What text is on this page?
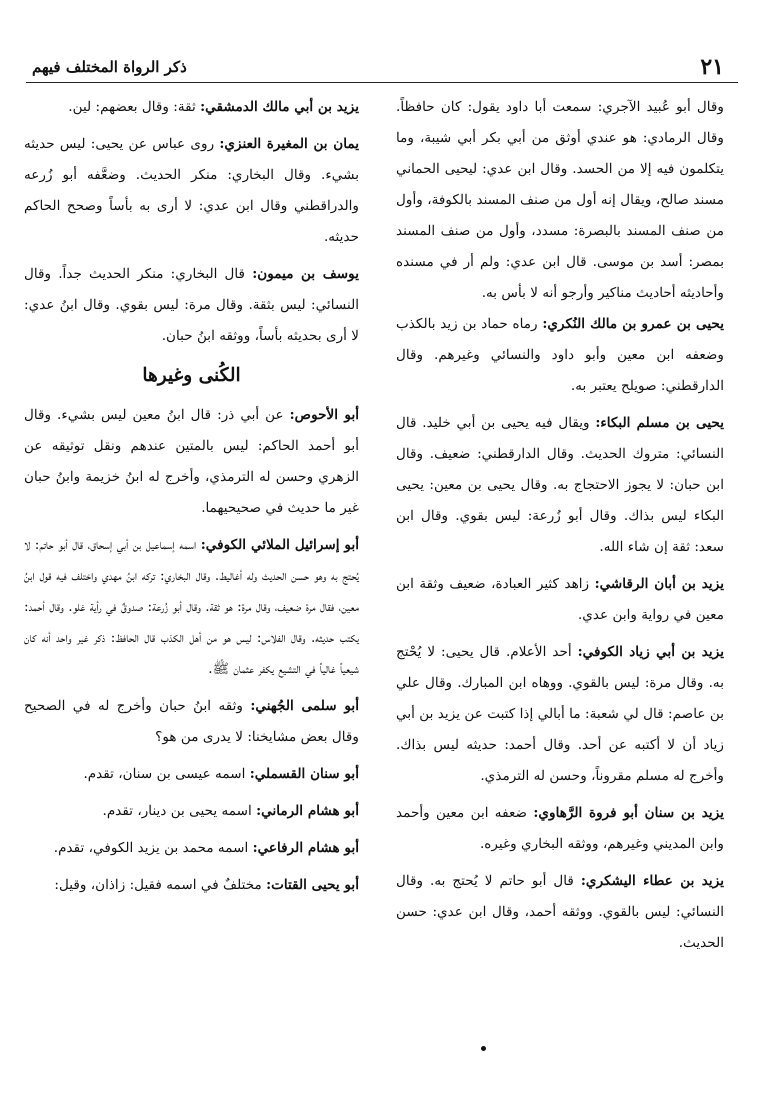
٢١
ذكر الرواة المختلف فيهم

وقال أبو عُبيد الآجري: سمعت أبا داود يقول: كان حافظاً. وقال الرمادي: هو عندي أوثق من أبي بكر أبي شيبة، وما يتكلمون فيه إلا من الحسد. وقال ابن عدي: ليحيى الحماني مسند صالح، ويقال إنه أول من صنف المسند بالكوفة، وأول من صنف المسند بالبصرة: مسدد، وأول من صنف المسند بمصر: أسد بن موسى. قال ابن عدي: ولم أر في مسنده وأحاديثه أحاديث مناكير وأرجو أنه لا بأس به.

يحيى بن عمرو بن مالك النُكري: رماه حماد بن زيد بالكذب وضعفه ابن معين وأبو داود والنسائي وغيرهم. وقال الدارقطني: صويلح يعتبر به.

يحيى بن مسلم البكاء: ويقال فيه يحيى بن أبي خليد. قال النسائي: متروك الحديث. وقال الدارقطني: ضعيف. وقال ابن حبان: لا يجوز الاحتجاج به. وقال يحيى بن معين: يحيى البكاء ليس بذاك. وقال أبو زُرعة: ليس بقوي. وقال ابن سعد: ثقة إن شاء الله.

يزيد بن أبان الرقاشي: زاهد كثير العبادة، ضعيف وثقة ابن معين في رواية وابن عدي.

يزيد بن أبي زياد الكوفي: أحد الأعلام. قال يحيى: لا يُحْتج به. وقال مرة: ليس بالقوي. ووهاه ابن المبارك. وقال علي بن عاصم: قال لي شعبة: ما أبالي إذا كتبت عن يزيد بن أبي زياد أن لا أكتبه عن أحد. وقال أحمد: حديثه ليس بذاك. وأخرج له مسلم مقروناً، وحسن له الترمذي.

يزيد بن سنان أبو فروة الرَّهاوي: ضعفه ابن معين وأحمد وابن المديني وغيرهم، ووثقه البخاري وغيره.

يزيد بن عطاء اليشكري: قال أبو حاتم لا يُحتج به. وقال النسائي: ليس بالقوي. ووثقه أحمد، وقال ابن عدي: حسن الحديث.

يزيد بن أبي مالك الدمشقي: ثقة: وقال بعضهم: لين.

يمان بن المغيرة العنزي: روى عباس عن يحيى: ليس حديثه بشيء. وقال البخاري: منكر الحديث. وضعَّفه أبو زُرعه والدراقطني وقال ابن عدي: لا أرى به بأساً وصحح الحاكم حديثه.

يوسف بن ميمون: قال البخاري: منكر الحديث جداً. وقال النسائي: ليس بثقة. وقال مرة: ليس بقوي. وقال ابنُ عدي: لا أرى بحديثه بأساً، ووثقه ابنُ حبان.

الكُنى وغيرها

أبو الأحوص: عن أبي ذر: قال ابنُ معين ليس بشيء. وقال أبو أحمد الحاكم: ليس بالمتين عندهم ونقل توثيقه عن الزهري وحسن له الترمذي، وأخرج له ابنُ خزيمة وابنُ حبان غير ما حديث في صحيحيهما.

أبو إسرائيل الملائي الكوفي: اسمه إسماعيل بن أبي إسحاق، قال أبو حاتم: لا يُحتج به وهو حسن الحديث وله أغاليط. وقال البخاري: تركه ابنُ مهدي واختلف فيه قول ابنُ معين، فقال مرة ضعيف، وقال مرة: هو ثقة. وقال أبو زُرعة: صدوقٌ في رأية غلو. وقال أحمد: يكتب حديثه. وقال الفلاس: ليس هو من أهل الكذب قال الحافظ: ذكر غير واحد أنه كان شيعياً غالياً في التشيع يكفر عثمان ﷺ.

أبو سلمى الجُهني: وثقه ابنُ حبان وأخرج له في الصحيح وقال بعض مشايخنا: لا يدرى من هو؟

أبو سنان القسملي: اسمه عيسى بن سنان، تقدم.

أبو هشام الرماني: اسمه يحيى بن دينار، تقدم.

أبو هشام الرفاعي: اسمه محمد بن يزيد الكوفي، تقدم.

أبو يحيى القتات: مختلفٌ في اسمه فقيل: زاذان، وقيل:
